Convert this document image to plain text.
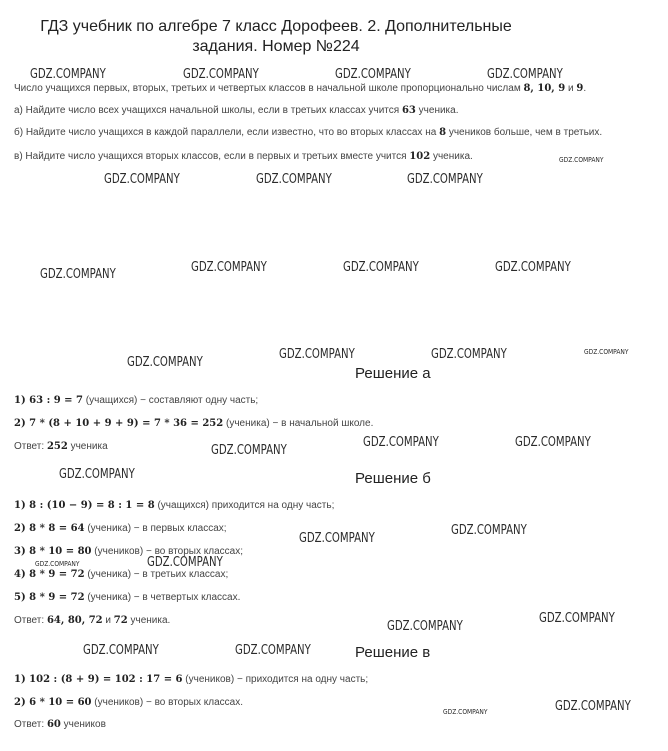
ГДЗ учебник по алгебре 7 класс Дорофеев. 2. Дополнительные задания. Номер №224
Число учащихся первых, вторых, третьих и четвертых классов в начальной школе пропорционально числам 8, 10, 9 и 9.
а) Найдите число всех учащихся начальной школы, если в третьих классах учится 63 ученика.
б) Найдите число учащихся в каждой параллели, если известно, что во вторых классах на 8 учеников больше, чем в третьих.
в) Найдите число учащихся вторых классов, если в первых и третьих вместе учится 102 ученика.
Решение а
1) 63 : 9 = 7 (учащихся) − составляют одну часть;
2) 7 * (8 + 10 + 9 + 9) = 7 * 36 = 252 (ученика) − в начальной школе.
Ответ: 252 ученика
Решение б
1) 8 : (10 − 9) = 8 : 1 = 8 (учащихся) приходится на одну часть;
2) 8 * 8 = 64 (ученика) − в первых классах;
3) 8 * 10 = 80 (учеников) − во вторых классах;
4) 8 * 9 = 72 (ученика) − в третьих классах;
5) 8 * 9 = 72 (ученика) − в четвертых классах.
Ответ: 64, 80, 72 и 72 ученика.
Решение в
1) 102 : (8 + 9) = 102 : 17 = 6 (учеников) − приходится на одну часть;
2) 6 * 10 = 60 (учеников) − во вторых классах.
Ответ: 60 учеников
GDZ.COMPANY	GDZ.COMPANY	GDZ.COMPANY	GDZ.COMPANY
GDZ.COMPANY
GDZ.COMPANY	GDZ.COMPANY	GDZ.COMPANY
GDZ.COMPANY	GDZ.COMPANY	GDZ.COMPANY	GDZ.COMPANY
GDZ.COMPANY
GDZ.COMPANY	GDZ.COMPANY	GDZ.COMPANY
GDZ.COMPANY
GDZ.COMPANY	GDZ.COMPANY
GDZ.COMPANY
GDZ.COMPANY
GDZ.COMPANY
GDZ.COMPANY
GDZ.COMPANY
GDZ.COMPANY
GDZ.COMPANY
GDZ.COMPANY	GDZ.COMPANY
GDZ.COMPANY
GDZ.COMPANY
